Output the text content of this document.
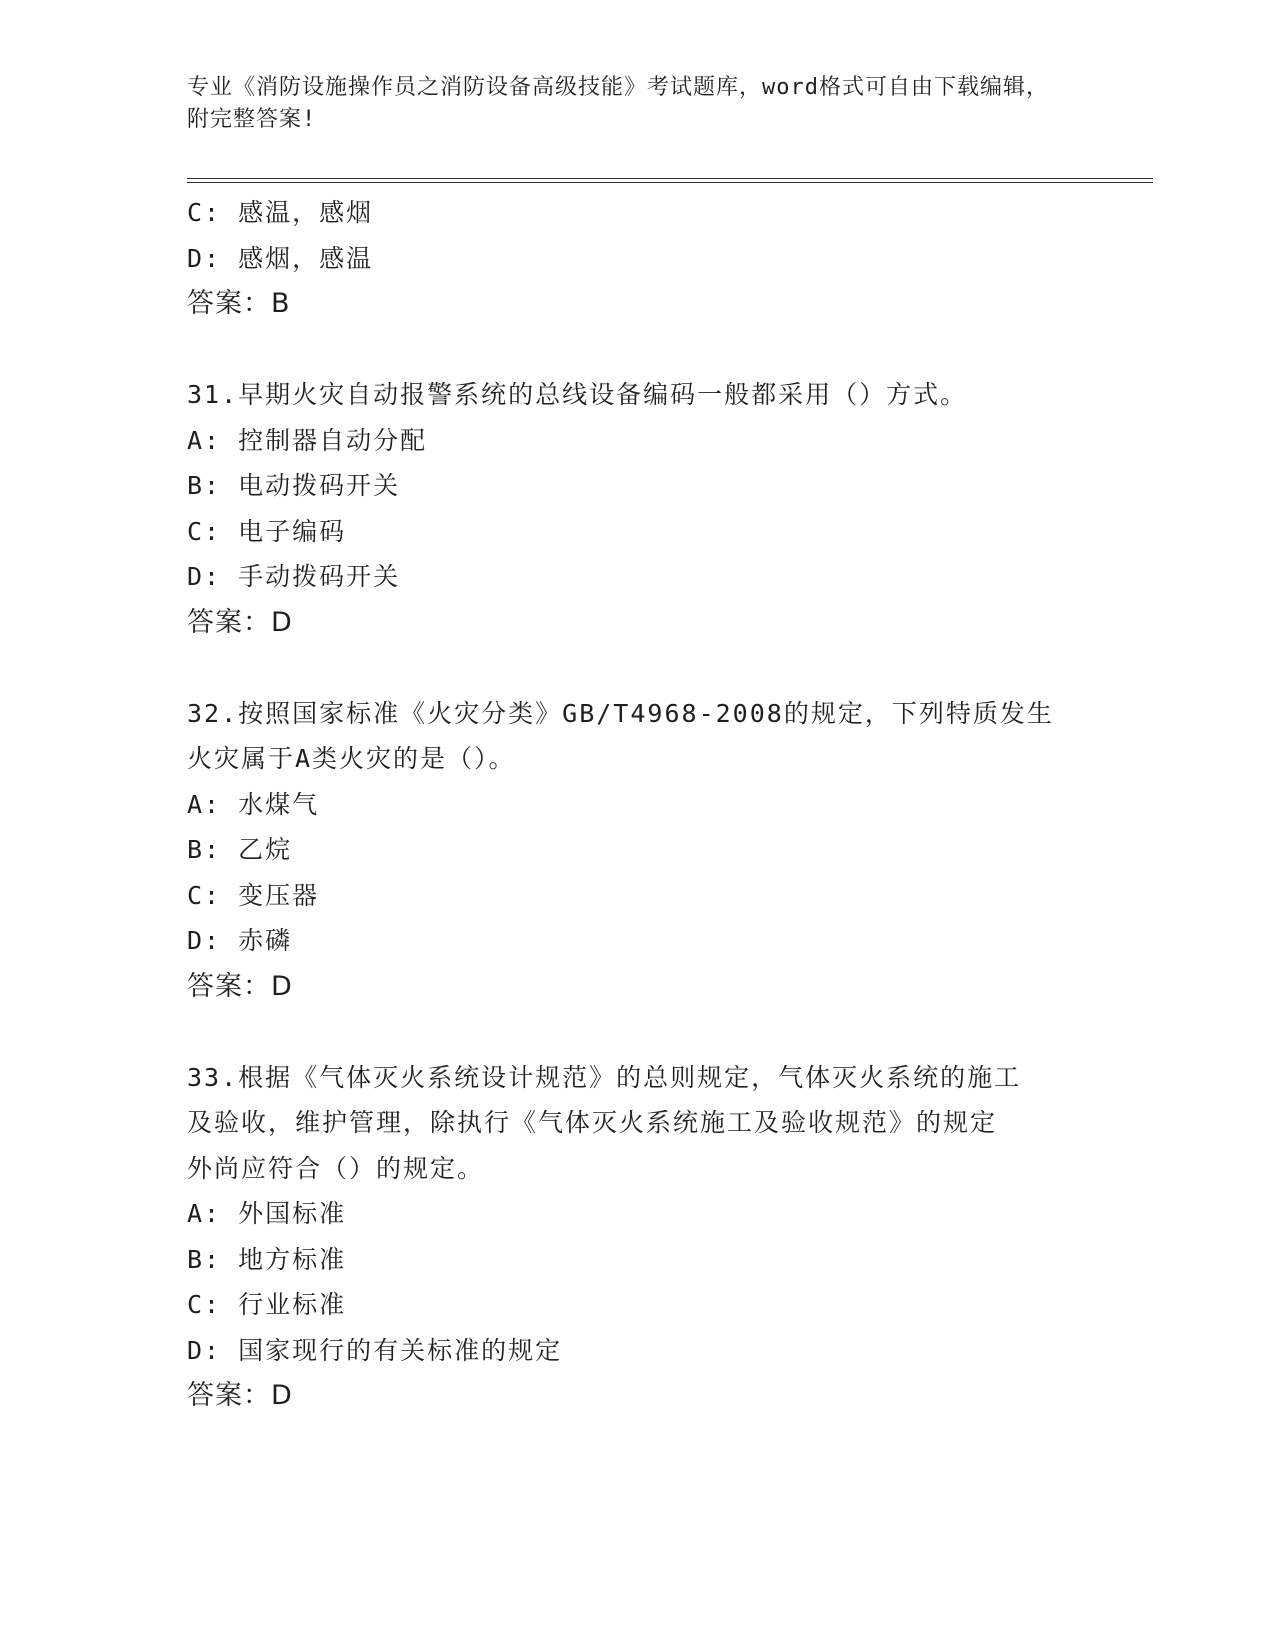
专业《消防设施操作员之消防设备高级技能》考试题库，word格式可自由下载编辑，附完整答案!
C: 感温，感烟
D: 感烟，感温
答案：B
31.早期火灾自动报警系统的总线设备编码一般都采用（）方式。
A: 控制器自动分配
B: 电动拨码开关
C: 电子编码
D: 手动拨码开关
答案：D
32.按照国家标准《火灾分类》GB/T4968-2008的规定，下列特质发生
火灾属于A类火灾的是（）。
A: 水煤气
B: 乙烷
C: 变压器
D: 赤磷
答案：D
33.根据《气体灭火系统设计规范》的总则规定，气体灭火系统的施工
及验收，维护管理，除执行《气体灭火系统施工及验收规范》的规定
外尚应符合（）的规定。
A: 外国标准
B: 地方标准
C: 行业标准
D: 国家现行的有关标准的规定
答案：D
